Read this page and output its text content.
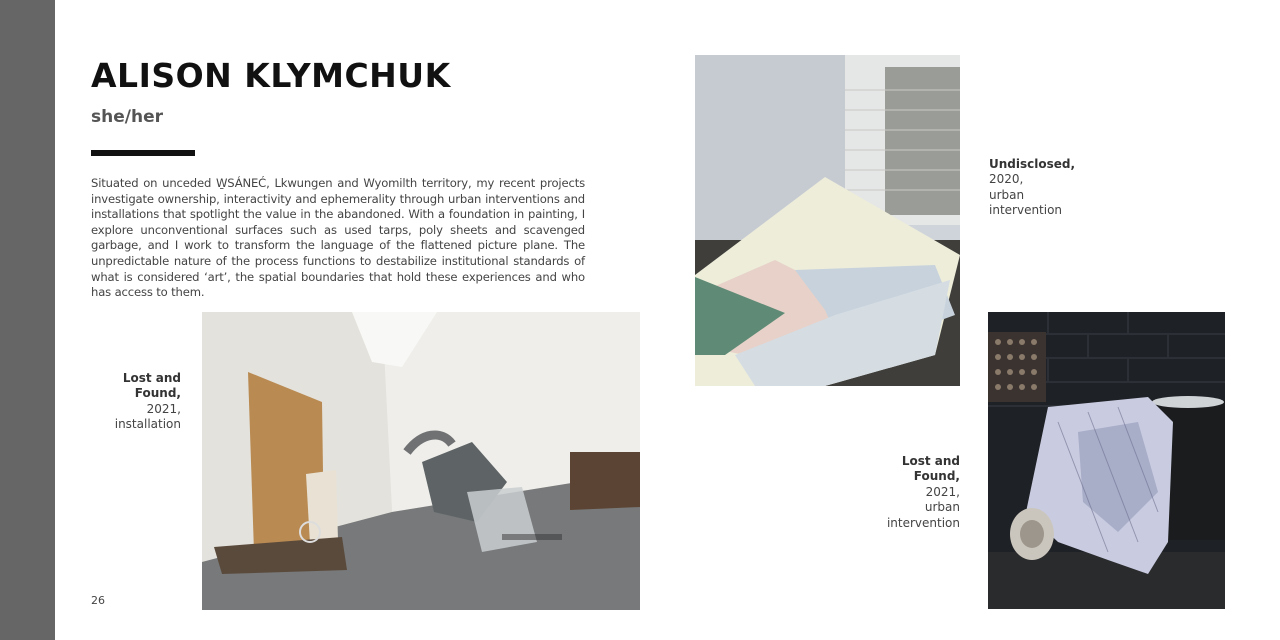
ALISON KLYMCHUK
she/her

Situated on unceded W̱SÁNEĆ, Lkwungen and Wyomilth territory, my recent projects investigate ownership, interactivity and ephemerality through urban interventions and installations that spotlight the value in the abandoned. With a foundation in painting, I explore unconventional surfaces such as used tarps, poly sheets and scavenged garbage, and I work to transform the language of the flattened picture plane. The unpredictable nature of the process functions to destabilize institutional standards of what is considered ‘art’, the spatial boundaries that hold these experiences and who has access to them.

Lost and Found,
2021,
installation
Undisclosed,
2020,
urban
intervention
Lost and
Found,
2021,
urban
intervention
26
